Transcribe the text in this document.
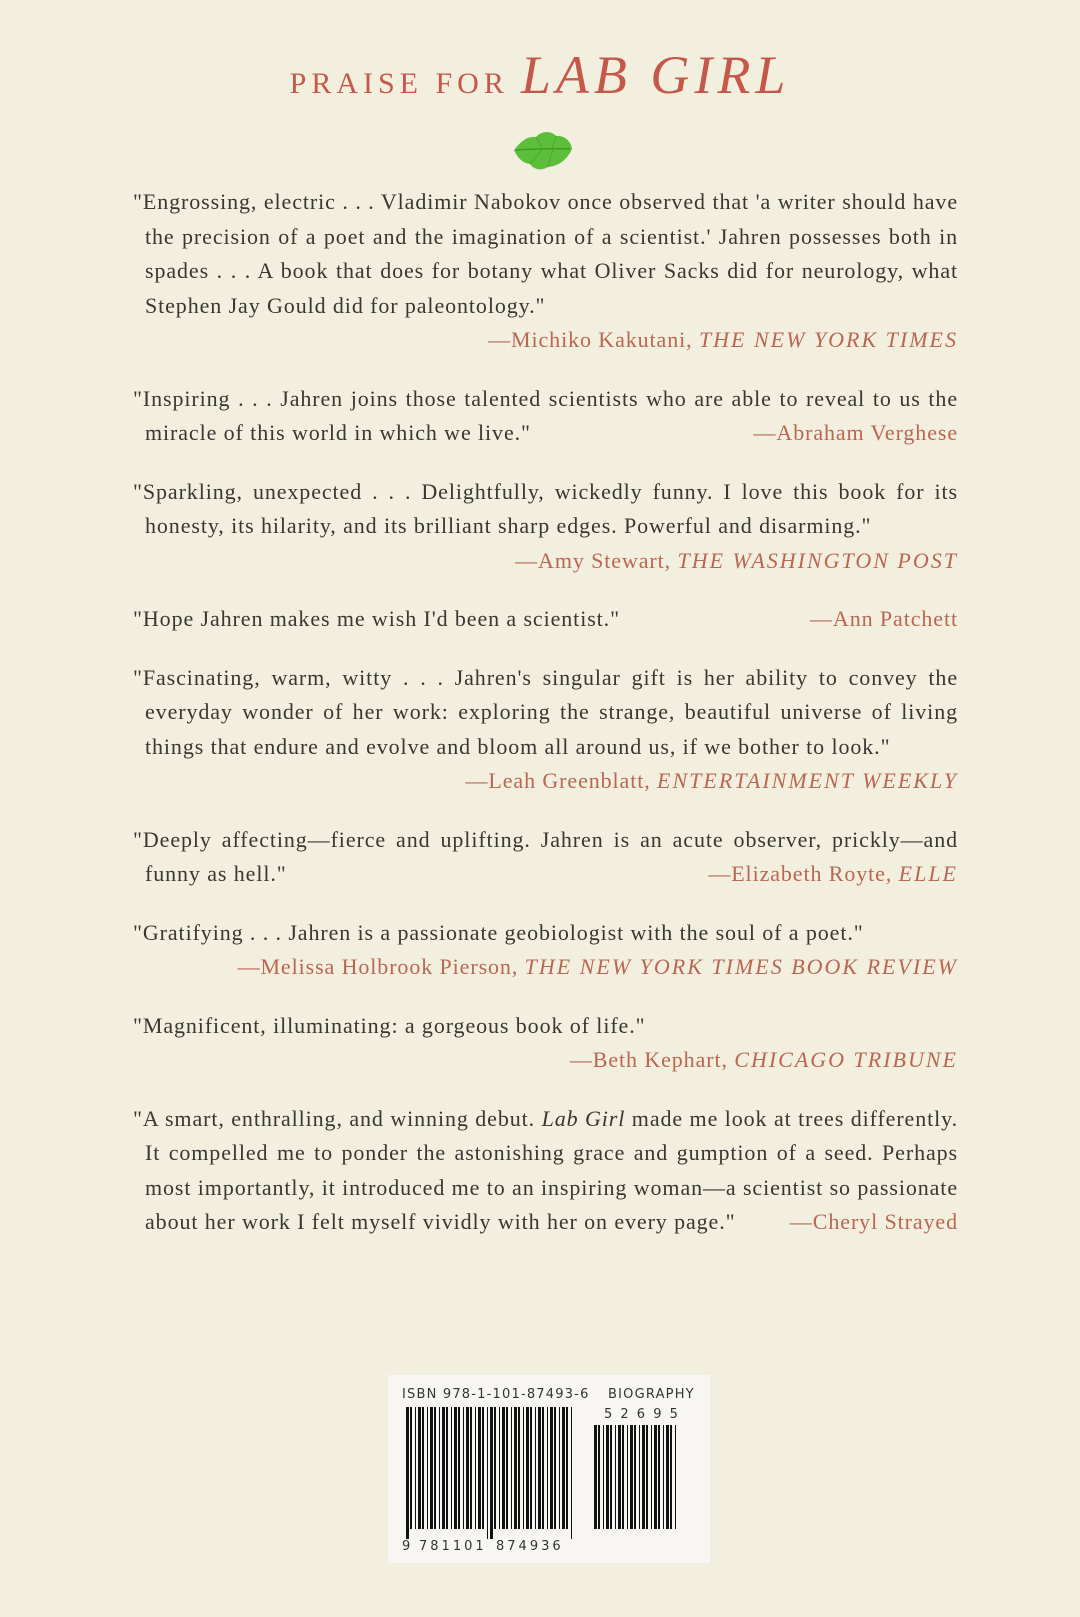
PRAISE FOR LAB GIRL
"Engrossing, electric . . . Vladimir Nabokov once observed that 'a writer should have the precision of a poet and the imagination of a scientist.' Jahren possesses both in spades . . . A book that does for botany what Oliver Sacks did for neurology, what Stephen Jay Gould did for paleontology."
—Michiko Kakutani, THE NEW YORK TIMES
"Inspiring . . . Jahren joins those talented scientists who are able to reveal to us the miracle of this world in which we live."	—Abraham Verghese
"Sparkling, unexpected . . . Delightfully, wickedly funny. I love this book for its honesty, its hilarity, and its brilliant sharp edges. Powerful and disarming."
—Amy Stewart, THE WASHINGTON POST
"Hope Jahren makes me wish I'd been a scientist."	—Ann Patchett
"Fascinating, warm, witty . . . Jahren's singular gift is her ability to convey the everyday wonder of her work: exploring the strange, beautiful universe of living things that endure and evolve and bloom all around us, if we bother to look."
—Leah Greenblatt, ENTERTAINMENT WEEKLY
"Deeply affecting—fierce and uplifting. Jahren is an acute observer, prickly—and funny as hell."	—Elizabeth Royte, ELLE
"Gratifying . . . Jahren is a passionate geobiologist with the soul of a poet."
—Melissa Holbrook Pierson, THE NEW YORK TIMES BOOK REVIEW
"Magnificent, illuminating: a gorgeous book of life."
—Beth Kephart, CHICAGO TRIBUNE
"A smart, enthralling, and winning debut. Lab Girl made me look at trees differently. It compelled me to ponder the astonishing grace and gumption of a seed. Perhaps most importantly, it introduced me to an inspiring woman—a scientist so passionate about her work I felt myself vividly with her on every page." —Cheryl Strayed
ISBN 978-1-101-87493-6 BIOGRAPHY
5 2 6 9 5
9 781101 874936
